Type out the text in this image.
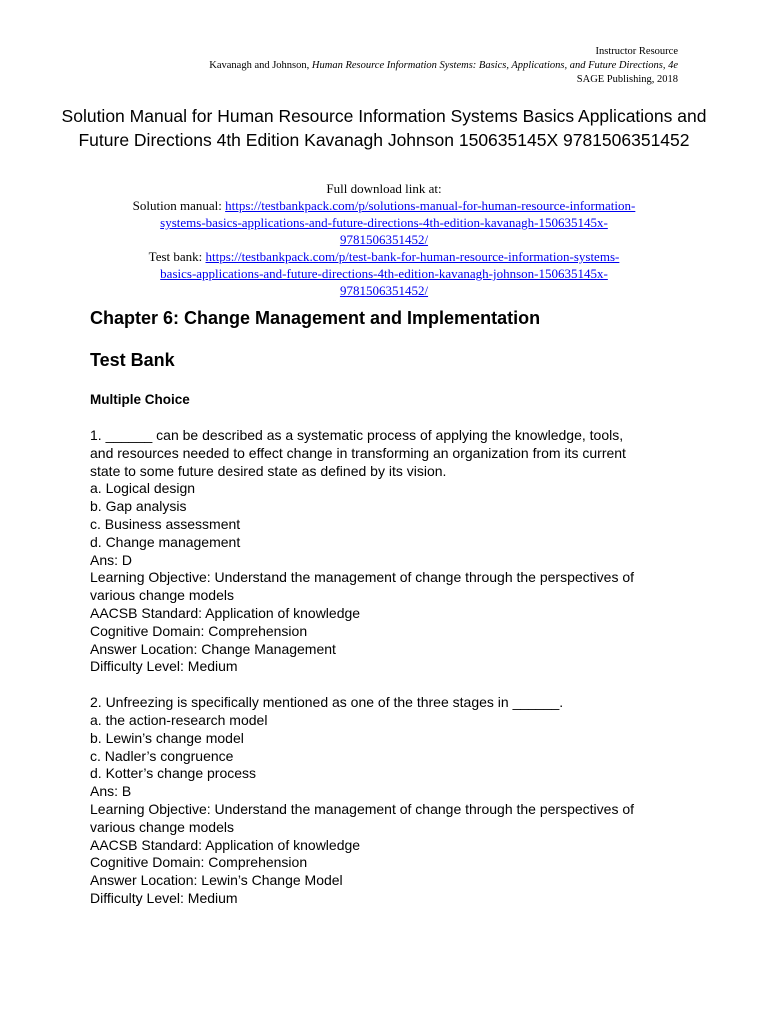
Instructor Resource
Kavanagh and Johnson, Human Resource Information Systems: Basics, Applications, and Future Directions, 4e
SAGE Publishing, 2018
Solution Manual for Human Resource Information Systems Basics Applications and Future Directions 4th Edition Kavanagh Johnson 150635145X 9781506351452
Full download link at:
Solution manual: https://testbankpack.com/p/solutions-manual-for-human-resource-information-
systems-basics-applications-and-future-directions-4th-edition-kavanagh-150635145x-
9781506351452/
Test bank: https://testbankpack.com/p/test-bank-for-human-resource-information-systems-
basics-applications-and-future-directions-4th-edition-kavanagh-johnson-150635145x-
9781506351452/
Chapter 6: Change Management and Implementation
Test Bank
Multiple Choice
1. ______ can be described as a systematic process of applying the knowledge, tools,
and resources needed to effect change in transforming an organization from its current
state to some future desired state as defined by its vision.
a. Logical design
b. Gap analysis
c. Business assessment
d. Change management
Ans: D
Learning Objective: Understand the management of change through the perspectives of
various change models
AACSB Standard: Application of knowledge
Cognitive Domain: Comprehension
Answer Location: Change Management
Difficulty Level: Medium
2. Unfreezing is specifically mentioned as one of the three stages in ______.
a. the action-research model
b. Lewin’s change model
c. Nadler’s congruence
d. Kotter’s change process
Ans: B
Learning Objective: Understand the management of change through the perspectives of
various change models
AACSB Standard: Application of knowledge
Cognitive Domain: Comprehension
Answer Location: Lewin’s Change Model
Difficulty Level: Medium
